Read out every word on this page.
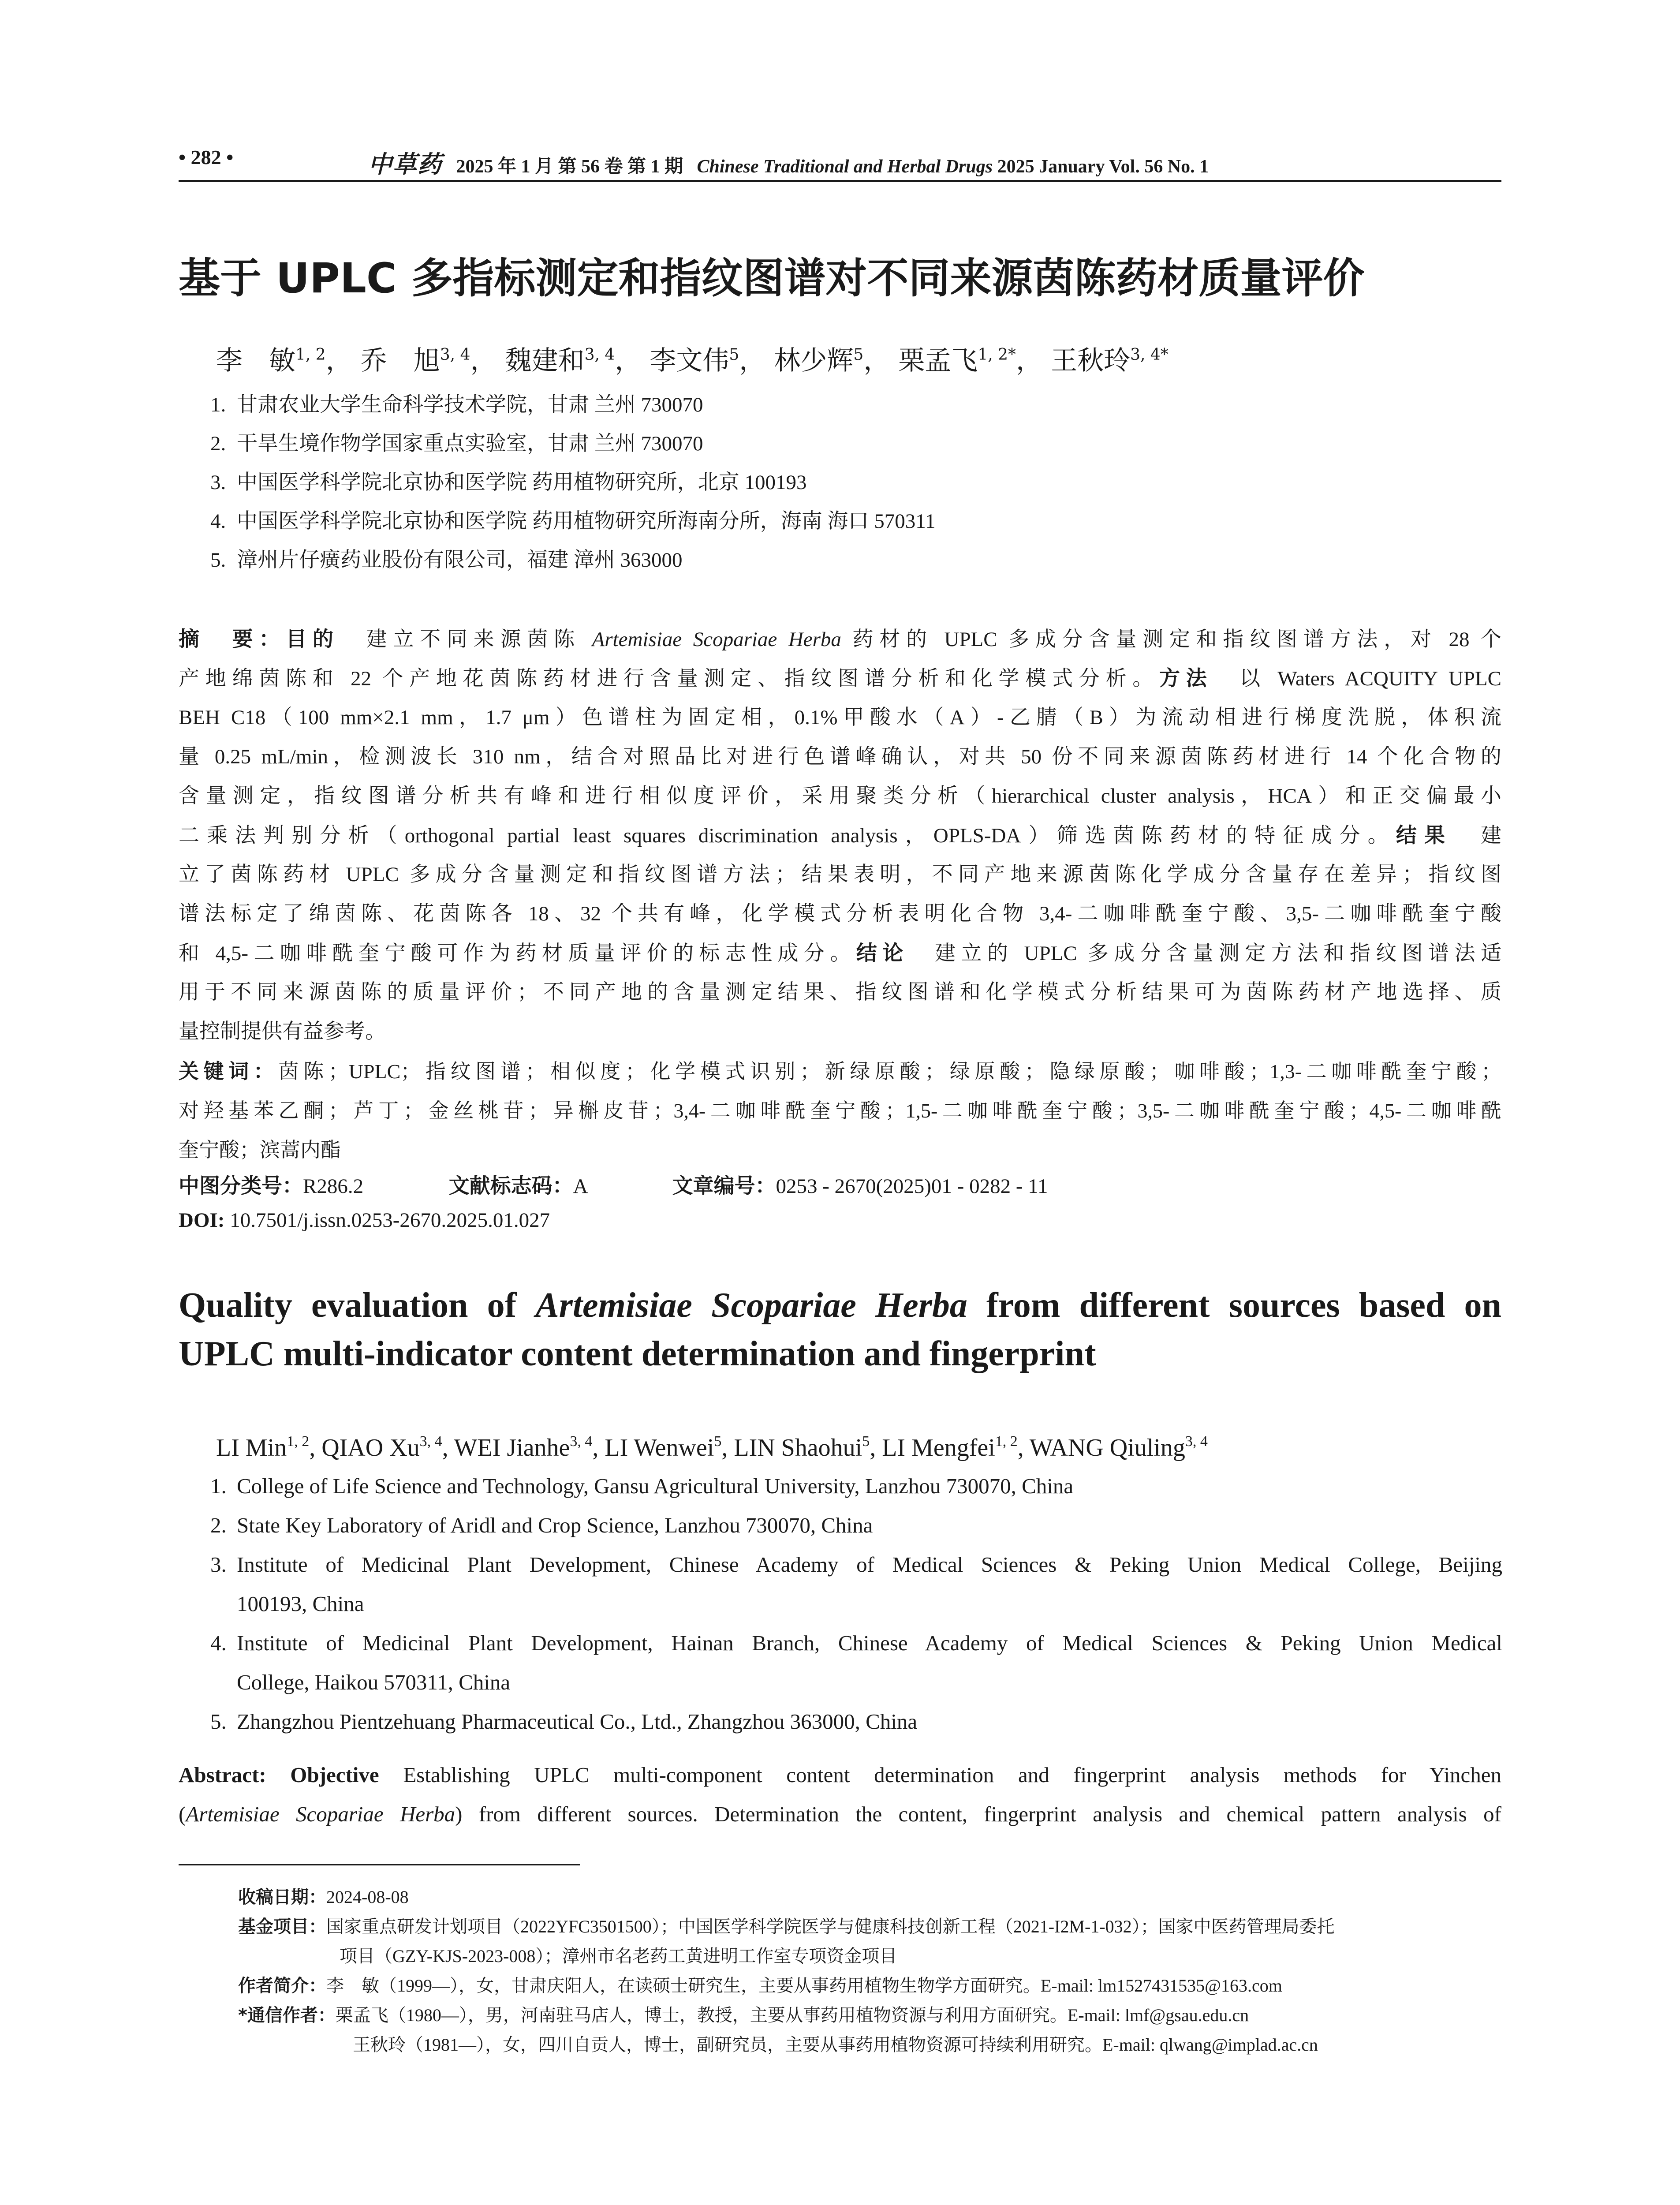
• 282 •	中草药 2025 年 1 月 第 56 卷 第 1 期 Chinese Traditional and Herbal Drugs 2025 January Vol. 56 No. 1
基于 UPLC 多指标测定和指纹图谱对不同来源茵陈药材质量评价
李　敏$^{1, 2}$， 乔　旭$^{3, 4}$， 魏建和$^{3, 4}$， 李文伟$^5$， 林少辉$^5$， 栗孟飞$^{1, 2*}$， 王秋玲$^{3, 4*}$
1. 甘肃农业大学生命科学技术学院，甘肃 兰州 730070
2. 干旱生境作物学国家重点实验室，甘肃 兰州 730070
3. 中国医学科学院北京协和医学院 药用植物研究所，北京 100193
4. 中国医学科学院北京协和医学院 药用植物研究所海南分所，海南 海口 570311
5. 漳州片仔癀药业股份有限公司，福建 漳州 363000
摘　要：目的　建立不同来源茵陈 Artemisiae Scopariae Herba 药材的 UPLC 多成分含量测定和指纹图谱方法，对 28 个
产地绵茵陈和 22 个产地花茵陈药材进行含量测定、指纹图谱分析和化学模式分析。方法　以 Waters ACQUITY UPLC
BEH C18（100 mm×2.1 mm，1.7 μm）色谱柱为固定相，0.1%甲酸水（A）-乙腈（B）为流动相进行梯度洗脱，体积流
量 0.25 mL/min，检测波长 310 nm，结合对照品比对进行色谱峰确认，对共 50 份不同来源茵陈药材进行 14 个化合物的
含量测定，指纹图谱分析共有峰和进行相似度评价，采用聚类分析（hierarchical cluster analysis，HCA）和正交偏最小
二乘法判别分析（orthogonal partial least squares discrimination analysis，OPLS-DA）筛选茵陈药材的特征成分。结果　建
立了茵陈药材 UPLC 多成分含量测定和指纹图谱方法；结果表明，不同产地来源茵陈化学成分含量存在差异；指纹图
谱法标定了绵茵陈、花茵陈各 18、32 个共有峰，化学模式分析表明化合物 3,4-二咖啡酰奎宁酸、3,5-二咖啡酰奎宁酸
和 4,5-二咖啡酰奎宁酸可作为药材质量评价的标志性成分。结论　建立的 UPLC 多成分含量测定方法和指纹图谱法适
用于不同来源茵陈的质量评价；不同产地的含量测定结果、指纹图谱和化学模式分析结果可为茵陈药材产地选择、质
量控制提供有益参考。
关键词：茵陈；UPLC；指纹图谱；相似度；化学模式识别；新绿原酸；绿原酸；隐绿原酸；咖啡酸；1,3-二咖啡酰奎宁酸；
对羟基苯乙酮；芦丁；金丝桃苷；异槲皮苷；3,4-二咖啡酰奎宁酸；1,5-二咖啡酰奎宁酸；3,5-二咖啡酰奎宁酸；4,5-二咖啡酰
奎宁酸；滨蒿内酯
中图分类号：R286.2	文献标志码：A	文章编号：0253 - 2670(2025)01 - 0282 - 11
DOI: 10.7501/j.issn.0253-2670.2025.01.027
Quality evaluation of Artemisiae Scopariae Herba from different sources based on
UPLC multi-indicator content determination and fingerprint
LI Min$^{1, 2}$, QIAO Xu$^{3, 4}$, WEI Jianhe$^{3, 4}$, LI Wenwei$^5$, LIN Shaohui$^5$, LI Mengfei$^{1, 2}$, WANG Qiuling$^{3, 4}$
1. College of Life Science and Technology, Gansu Agricultural University, Lanzhou 730070, China
2. State Key Laboratory of Aridl and Crop Science, Lanzhou 730070, China
3. Institute of Medicinal Plant Development, Chinese Academy of Medical Sciences & Peking Union Medical College, Beijing
100193, China
4. Institute of Medicinal Plant Development, Hainan Branch, Chinese Academy of Medical Sciences & Peking Union Medical
College, Haikou 570311, China
5. Zhangzhou Pientzehuang Pharmaceutical Co., Ltd., Zhangzhou 363000, China
Abstract: Objective Establishing UPLC multi-component content determination and fingerprint analysis methods for Yinchen
(Artemisiae Scopariae Herba) from different sources. Determination the content, fingerprint analysis and chemical pattern analysis of
收稿日期：2024-08-08
基金项目：国家重点研发计划项目（2022YFC3501500）；中国医学科学院医学与健康科技创新工程（2021-I2M-1-032）；国家中医药管理局委托
项目（GZY-KJS-2023-008）；漳州市名老药工黄进明工作室专项资金项目
作者简介：李　敏（1999—），女，甘肃庆阳人，在读硕士研究生，主要从事药用植物生物学方面研究。E-mail: lm1527431535@163.com
*通信作者：栗孟飞（1980—），男，河南驻马店人，博士，教授，主要从事药用植物资源与利用方面研究。E-mail: lmf@gsau.edu.cn
王秋玲（1981—），女，四川自贡人，博士，副研究员，主要从事药用植物资源可持续利用研究。E-mail: qlwang@implad.ac.cn
